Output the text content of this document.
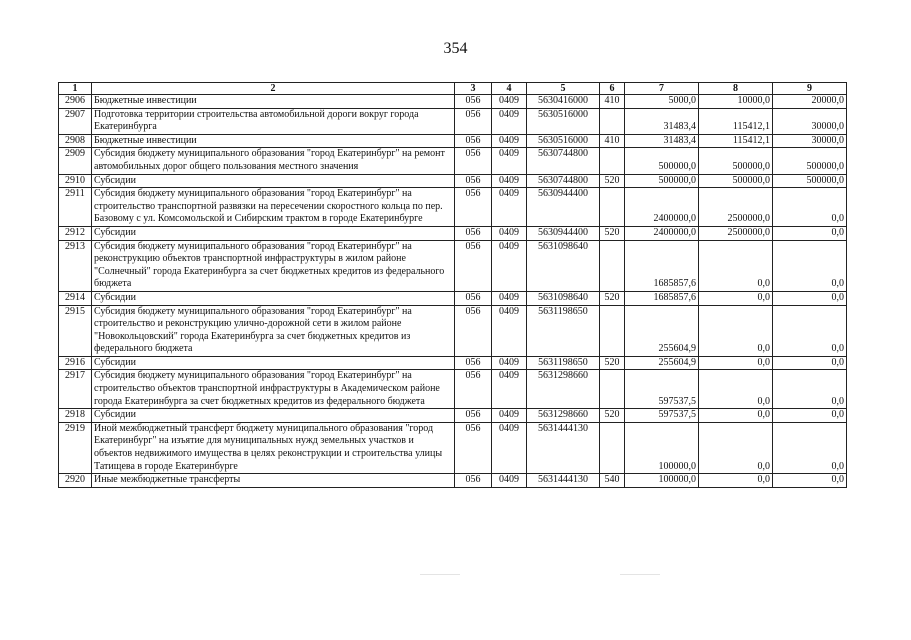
354
1	2	3	4	5	6	7	8	9
2906	Бюджетные инвестиции	056	0409	5630416000	410	5000,0	10000,0	20000,0
2907	Подготовка территории строительства автомобильной дороги вокруг города Екатеринбурга	056	0409	5630516000		31483,4	115412,1	30000,0
2908	Бюджетные инвестиции	056	0409	5630516000	410	31483,4	115412,1	30000,0
2909	Субсидия бюджету муниципального образования "город Екатеринбург" на ремонт автомобильных дорог общего пользования местного значения	056	0409	5630744800		500000,0	500000,0	500000,0
2910	Субсидии	056	0409	5630744800	520	500000,0	500000,0	500000,0
2911	Субсидия бюджету муниципального образования "город Екатеринбург" на строительство транспортной развязки на пересечении скоростного кольца по пер. Базовому с ул. Комсомольской и Сибирским трактом в городе Екатеринбурге	056	0409	5630944400		2400000,0	2500000,0	0,0
2912	Субсидии	056	0409	5630944400	520	2400000,0	2500000,0	0,0
2913	Субсидия бюджету муниципального образования "город Екатеринбург" на реконструкцию объектов транспортной инфраструктуры в жилом районе "Солнечный" города Екатеринбурга за счет бюджетных кредитов из федерального бюджета	056	0409	5631098640		1685857,6	0,0	0,0
2914	Субсидии	056	0409	5631098640	520	1685857,6	0,0	0,0
2915	Субсидия бюджету муниципального образования "город Екатеринбург" на строительство и реконструкцию улично-дорожной сети в жилом районе "Новокольцовский" города Екатеринбурга за счет бюджетных кредитов из федерального бюджета	056	0409	5631198650		255604,9	0,0	0,0
2916	Субсидии	056	0409	5631198650	520	255604,9	0,0	0,0
2917	Субсидия бюджету муниципального образования "город Екатеринбург" на строительство объектов транспортной инфраструктуры в Академическом районе города Екатеринбурга за счет бюджетных кредитов из федерального бюджета	056	0409	5631298660		597537,5	0,0	0,0
2918	Субсидии	056	0409	5631298660	520	597537,5	0,0	0,0
2919	Иной межбюджетный трансферт бюджету муниципального образования "город Екатеринбург" на изъятие для муниципальных нужд земельных участков и объектов недвижимого имущества в целях реконструкции и строительства улицы Татищева в городе Екатеринбурге	056	0409	5631444130		100000,0	0,0	0,0
2920	Иные межбюджетные трансферты	056	0409	5631444130	540	100000,0	0,0	0,0
